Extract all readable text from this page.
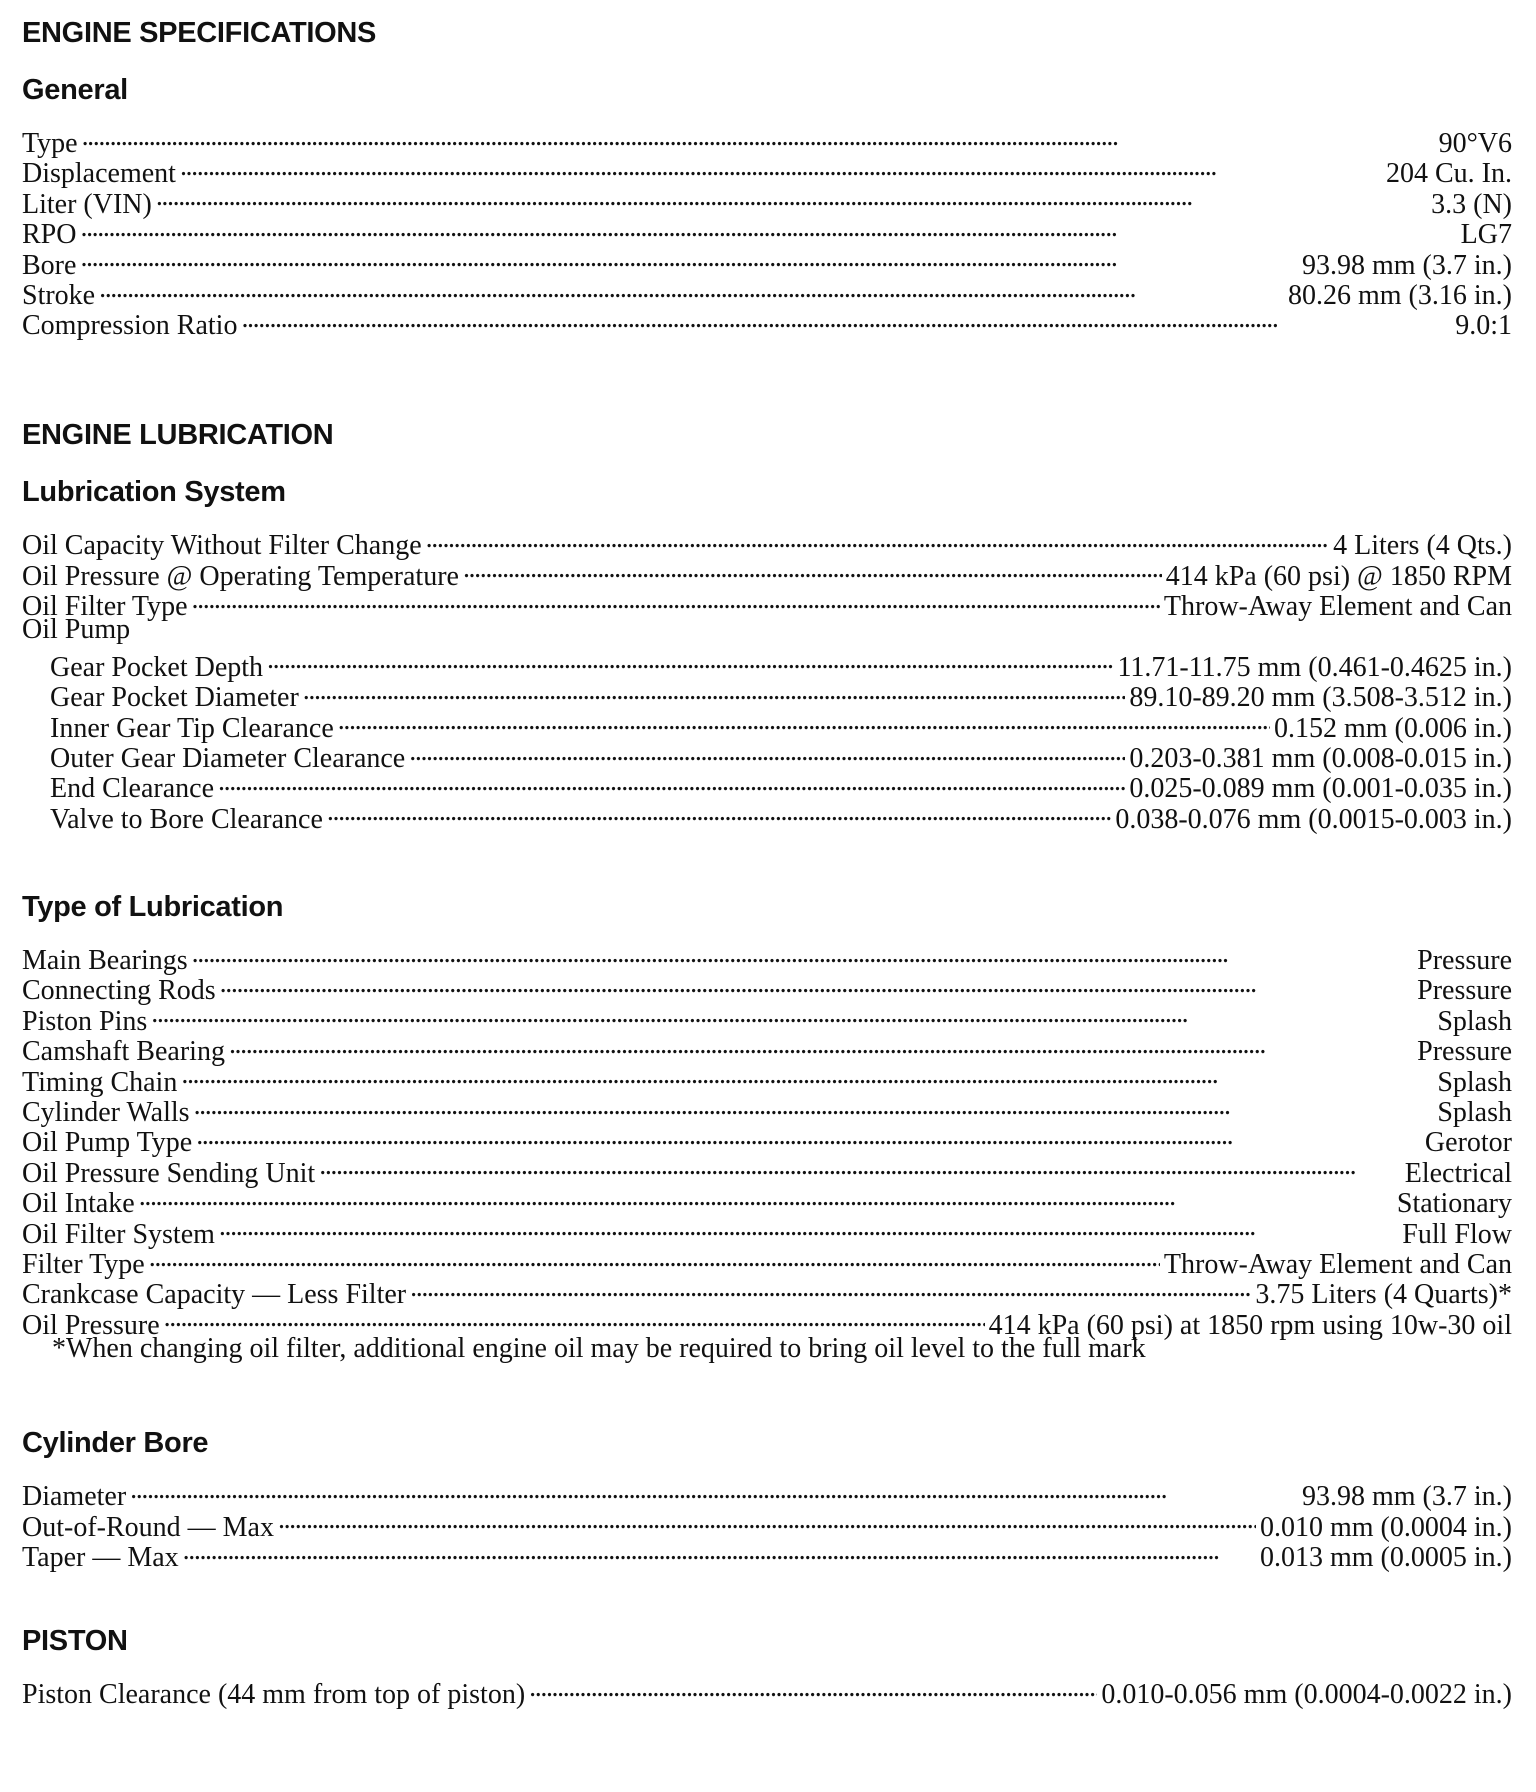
ENGINE SPECIFICATIONS
General
Type . . .	90°V6
Displacement . . .	204 Cu. In.
Liter (VIN) . . .	3.3 (N)
RPO . . .	LG7
Bore . . .	93.98 mm (3.7 in.)
Stroke . . .	80.26 mm (3.16 in.)
Compression Ratio . . .	9.0:1
ENGINE LUBRICATION
Lubrication System
Oil Capacity Without Filter Change . . .	4 Liters (4 Qts.)
Oil Pressure @ Operating Temperature . . .	414 kPa (60 psi) @ 1850 RPM
Oil Filter Type . . .	Throw-Away Element and Can
Oil Pump
Gear Pocket Depth . . .	11.71-11.75 mm (0.461-0.4625 in.)
Gear Pocket Diameter . . .	89.10-89.20 mm (3.508-3.512 in.)
Inner Gear Tip Clearance . . .	0.152 mm (0.006 in.)
Outer Gear Diameter Clearance . . .	0.203-0.381 mm (0.008-0.015 in.)
End Clearance . . .	0.025-0.089 mm (0.001-0.035 in.)
Valve to Bore Clearance . . .	0.038-0.076 mm (0.0015-0.003 in.)
Type of Lubrication
Main Bearings . . .	Pressure
Connecting Rods . . .	Pressure
Piston Pins . . .	Splash
Camshaft Bearing . . .	Pressure
Timing Chain . . .	Splash
Cylinder Walls . . .	Splash
Oil Pump Type . . .	Gerotor
Oil Pressure Sending Unit . . .	Electrical
Oil Intake . . .	Stationary
Oil Filter System . . .	Full Flow
Filter Type . . .	Throw-Away Element and Can
Crankcase Capacity — Less Filter . . .	3.75 Liters (4 Quarts)*
Oil Pressure . . .	414 kPa (60 psi) at 1850 rpm using 10w-30 oil
*When changing oil filter, additional engine oil may be required to bring oil level to the full mark
Cylinder Bore
Diameter . . .	93.98 mm (3.7 in.)
Out-of-Round — Max . . .	0.010 mm (0.0004 in.)
Taper — Max . . .	0.013 mm (0.0005 in.)
PISTON
Piston Clearance (44 mm from top of piston) . . .	0.010-0.056 mm (0.0004-0.0022 in.)
